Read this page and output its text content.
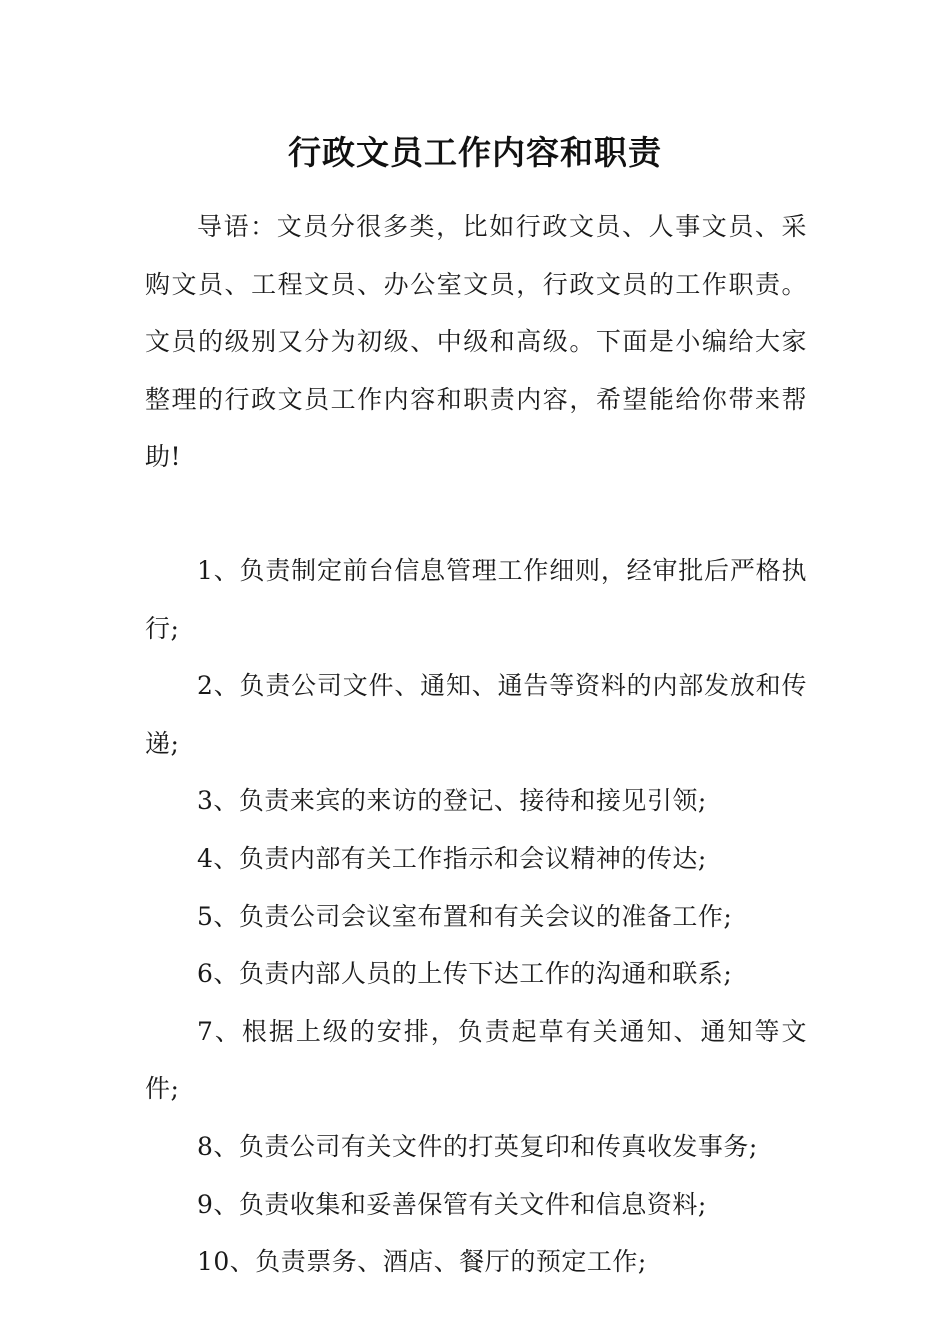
行政文员工作内容和职责

导语：文员分很多类，比如行政文员、人事文员、采购文员、工程文员、办公室文员，行政文员的工作职责。文员的级别又分为初级、中级和高级。下面是小编给大家整理的行政文员工作内容和职责内容，希望能给你带来帮助!

1、负责制定前台信息管理工作细则，经审批后严格执行;

2、负责公司文件、通知、通告等资料的内部发放和传递;

3、负责来宾的来访的登记、接待和接见引领;

4、负责内部有关工作指示和会议精神的传达;

5、负责公司会议室布置和有关会议的准备工作;

6、负责内部人员的上传下达工作的沟通和联系;

7、根据上级的安排，负责起草有关通知、通知等文件;

8、负责公司有关文件的打英复印和传真收发事务;

9、负责收集和妥善保管有关文件和信息资料;

10、负责票务、酒店、餐厅的预定工作;
